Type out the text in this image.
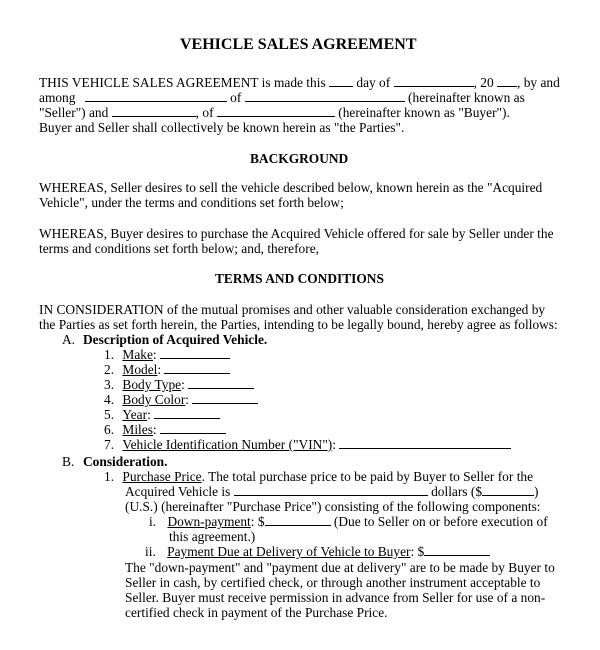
VEHICLE SALES AGREEMENT
THIS VEHICLE SALES AGREEMENT is made this day of	, 20 , by and
among	of	(hereinafter known as
"Seller") and	, of	(hereinafter known as "Buyer").
Buyer and Seller shall collectively be known herein as "the Parties".
BACKGROUND
WHEREAS, Seller desires to sell the vehicle described below, known herein as the "Acquired
Vehicle", under the terms and conditions set forth below;
WHEREAS, Buyer desires to purchase the Acquired Vehicle offered for sale by Seller under the
terms and conditions set forth below; and, therefore,
TERMS AND CONDITIONS
IN CONSIDERATION of the mutual promises and other valuable consideration exchanged by
the Parties as set forth herein, the Parties, intending to be legally bound, hereby agree as follows:
A. Description of Acquired Vehicle.
1. Make:
2. Model:
3. Body Type:
4. Body Color:
5. Year:
6. Miles:
7. Vehicle Identification Number ("VIN"):
B. Consideration.
1. Purchase Price. The total purchase price to be paid by Buyer to Seller for the
Acquired Vehicle is	dollars ($	)
(U.S.) (hereinafter "Purchase Price") consisting of the following components:
i. Down-payment: $	(Due to Seller on or before execution of
this agreement.)
ii. Payment Due at Delivery of Vehicle to Buyer: $
The "down-payment" and "payment due at delivery" are to be made by Buyer to
Seller in cash, by certified check, or through another instrument acceptable to
Seller. Buyer must receive permission in advance from Seller for use of a non-
certified check in payment of the Purchase Price.
